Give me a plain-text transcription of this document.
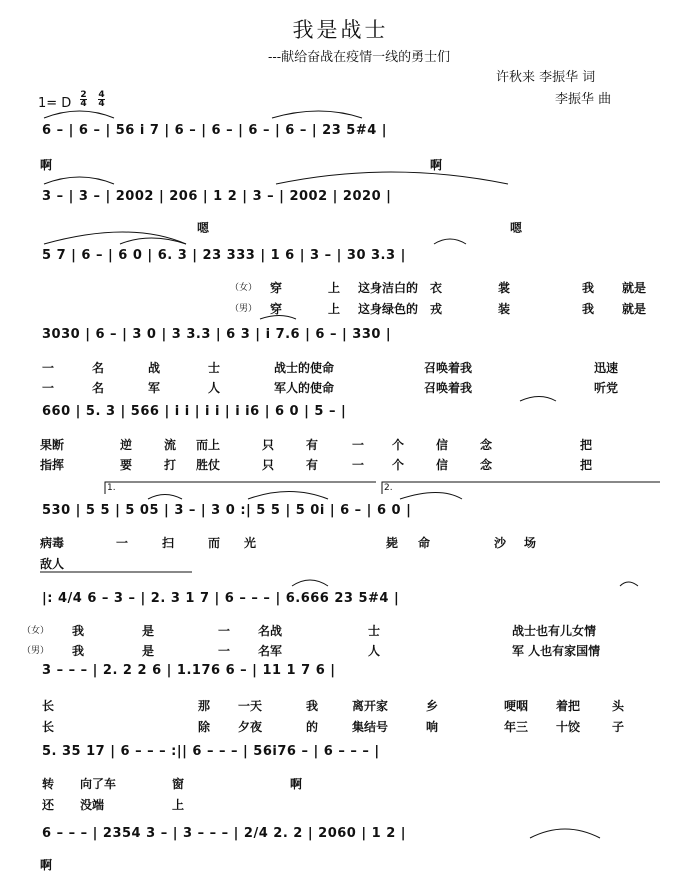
我是战士
---献给奋战在疫情一线的勇士们
许秋来 李振华 词
李振华 曲
1= D
2
4
4
4
6 – | 6 – | 56 i 7 | 6 – | 6 – | 6 – | 6 – | 23 5#4 |
啊	啊
3 – | 3 – | 2002 | 206 | 1 2 | 3 – | 2002 | 2020 |
嗯	嗯
5 7 | 6 – | 6 0 | 6. 3 | 23 333 | 1 6 | 3 – | 30 3.3 |
（女） 穿	上 这身洁白的 衣	裳	我 就是
（男） 穿	上 这身绿色的 戎	装	我 就是
3030 | 6 – | 3 0 | 3 3.3 | 6 3 | i 7.6 | 6 – | 330 |
一	名	战	士	战士的使命	召唤着我	迅速
一	名	军	人	军人的使命	召唤着我	听党
660 | 5. 3 | 566 | i i | i i | i i6 | 6 0 | 5 – |
果断	逆	流 而上	只	有	一 个	信	念	把
指挥	要	打 胜仗	只	有	一 个	信	念	把
1.	2.
530 | 5 5 | 5 05 | 3 – | 3 0 :| 5 5 | 5 0i | 6 – | 6 0 |
病毒	一	扫	而 光	毙 命	沙 场
敌人
|: 4/4 6 – 3 – | 2. 3 1 7 | 6 – – – | 6.666 23 5#4 |
（女） 我	是	一 名战	士	战士也有儿女情
（男） 我	是	一 名军	人	军 人也有家国情
3 – – – | 2. 2 2 6 | 1.176 6 – | 11 1 7 6 |
长	那 一天	我	离开家	乡	哽咽 着把	头
长	除 夕夜	的	集结号	响	年三 十饺	子
5. 35 17 | 6 – – – :|| 6 – – – | 56i76 – | 6 – – – |
转 向了车	窗	啊
还 没端	上
6 – – – | 2354 3 – | 3 – – – | 2/4 2. 2 | 2060 | 1 2 |
啊
